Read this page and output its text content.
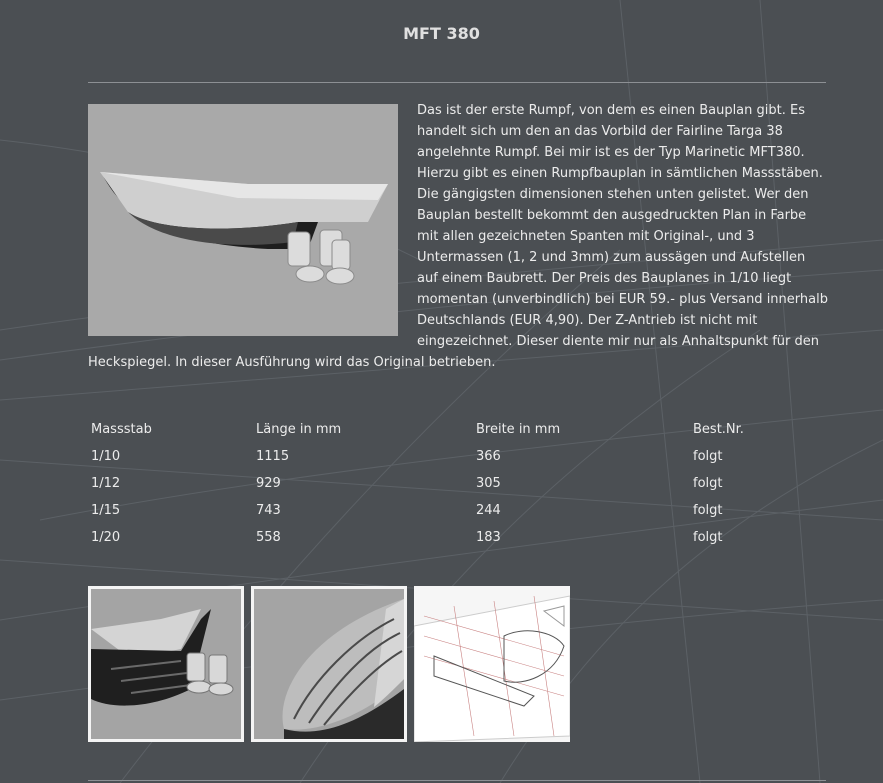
MFT 380
Das ist der erste Rumpf, von dem es einen Bauplan gibt. Es handelt sich um den an das Vorbild der Fairline Targa 38 angelehnte Rumpf. Bei mir ist es der Typ Marinetic MFT380. Hierzu gibt es einen Rumpfbauplan in sämtlichen Massstäben. Die gängigsten dimensionen stehen unten gelistet. Wer den Bauplan bestellt bekommt den ausgedruckten Plan in Farbe mit allen gezeichneten Spanten mit Original-, und 3 Untermassen (1, 2 und 3mm) zum aussägen und Aufstellen auf einem Baubrett. Der Preis des Bauplanes in 1/10 liegt momentan (unverbindlich) bei EUR 59.- plus Versand innerhalb Deutschlands (EUR 4,90). Der Z-Antrieb ist nicht mit eingezeichnet. Dieser diente mir nur als Anhaltspunkt für den Heckspiegel. In dieser Ausführung wird das Original betrieben.
Massstab	Länge in mm	Breite in mm	Best.Nr.
1/10	1115	366	folgt
1/12	929	305	folgt
1/15	743	244	folgt
1/20	558	183	folgt
